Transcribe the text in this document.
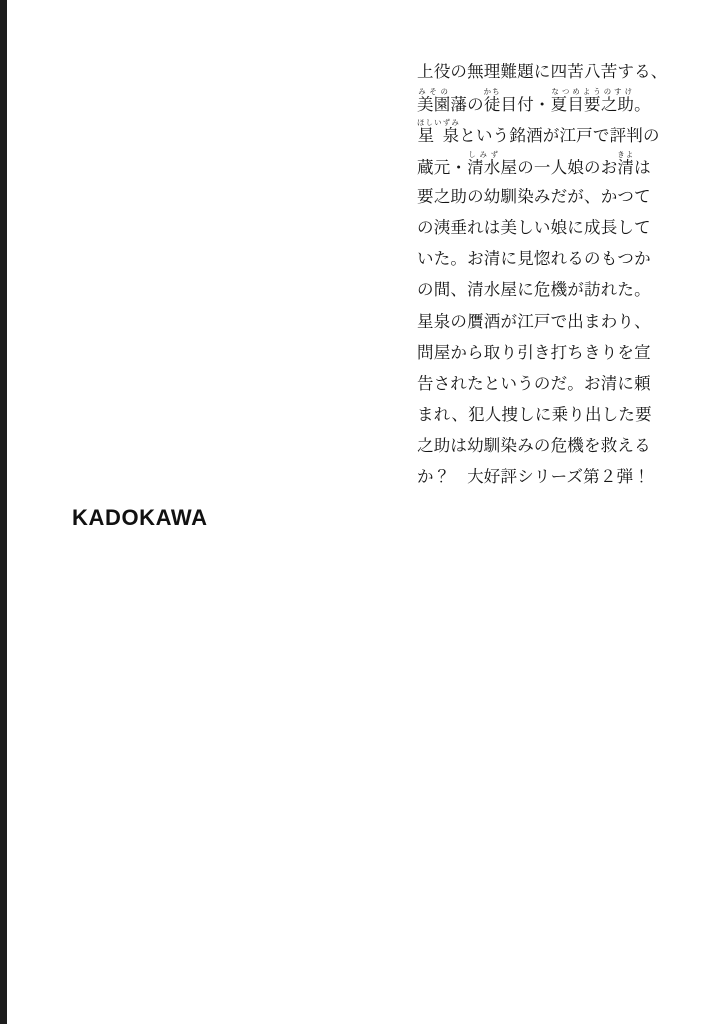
上役の無理難題に四苦八苦する、
美園みその藩の徒かち目付・夏目要之助なつめようのすけ。
星 泉ほしいずみという銘酒が江戸で評判の
蔵元・清水しみず屋の一人娘のお清きよは
要之助の幼馴染みだが、かつて
の洟垂れは美しい娘に成長して
いた。お清に見惚れるのもつか
の間、清水屋に危機が訪れた。
星泉の贋酒が江戸で出まわり、
問屋から取り引き打ちきりを宣
告されたというのだ。お清に頼
まれ、犯人捜しに乗り出した要
之助は幼馴染みの危機を救える
か？　大好評シリーズ第２弾！
KADOKAWA
